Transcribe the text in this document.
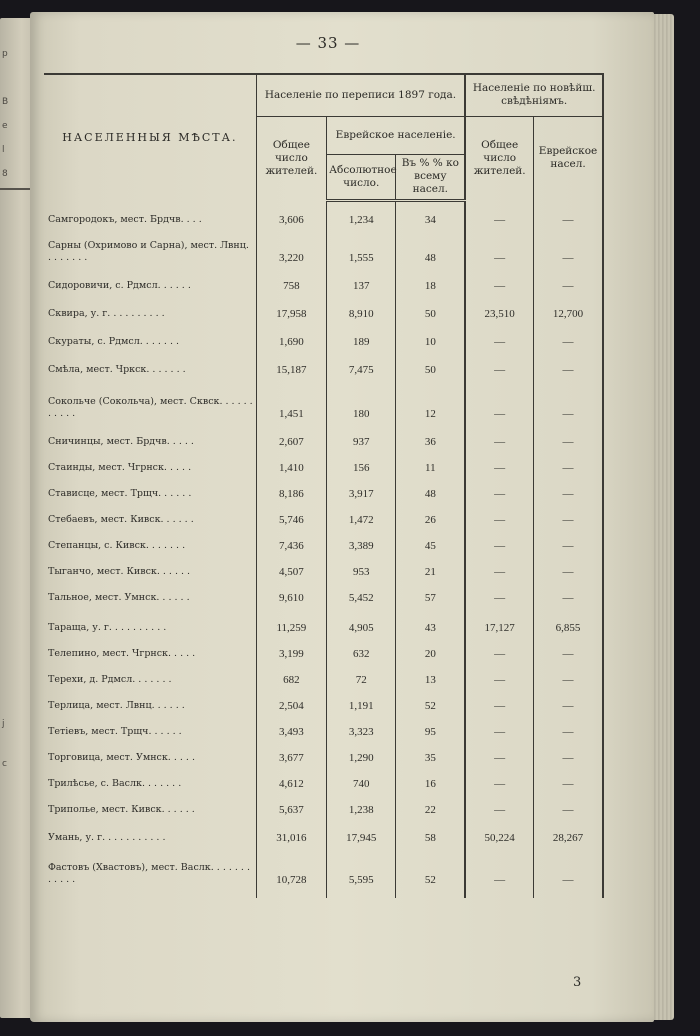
p
B
e
l
8
j
c
— 33 —
НАСЕЛЕННЫЯ МѢСТА.	Населеніе по переписи 1897 года.			Населеніе по новѣйш. свѣдѣніямъ.	
	Общее число жителей.	Еврейское населеніе.		Общее число жителей.	Еврейское насел.
		Абсолютное число.	Въ % % ко всему насел.		
Самгородокъ, мест. Брдчв. . . .	3,606	1,234	34	—	—
Сарны (Охримово и Сарна), мест. Лвнц. . . . . . . .	3,220	1,555	48	—	—
Сидоровичи, с. Рдмсл. . . . . .	758	137	18	—	—
Сквира, у. г. . . . . . . . . .	17,958	8,910	50	23,510	12,700
Скураты, с. Рдмсл. . . . . . .	1,690	189	10	—	—
Смѣла, мест. Чркск. . . . . . .	15,187	7,475	50	—	—
Сокольче (Сокольча), мест. Сквск. . . . . . . . . . .	1,451	180	12	—	—
Сничинцы, мест. Брдчв. . . . .	2,607	937	36	—	—
Стаинды, мест. Чгрнск. . . . .	1,410	156	11	—	—
Стависце, мест. Трщч. . . . . .	8,186	3,917	48	—	—
Стебаевъ, мест. Кивск. . . . . .	5,746	1,472	26	—	—
Степанцы, с. Кивск. . . . . . .	7,436	3,389	45	—	—
Тыганчо, мест. Кивск. . . . . .	4,507	953	21	—	—
Тальное, мест. Умнск. . . . . .	9,610	5,452	57	—	—
Тараща, у. г. . . . . . . . . .	11,259	4,905	43	17,127	6,855
Телепино, мест. Чгрнск. . . . .	3,199	632	20	—	—
Терехи, д. Рдмсл. . . . . . .	682	72	13	—	—
Терлица, мест. Лвнц. . . . . .	2,504	1,191	52	—	—
Тетіевъ, мест. Трщч. . . . . .	3,493	3,323	95	—	—
Торговица, мест. Умнск. . . . .	3,677	1,290	35	—	—
Трилѣсье, с. Васлк. . . . . . .	4,612	740	16	—	—
Трипольe, мест. Кивск. . . . . .	5,637	1,238	22	—	—
Умань, у. г. . . . . . . . . . .	31,016	17,945	58	50,224	28,267
Фастовъ (Хвастовъ), мест. Васлк. . . . . . . . . . . .	10,728	5,595	52	—	—

3
